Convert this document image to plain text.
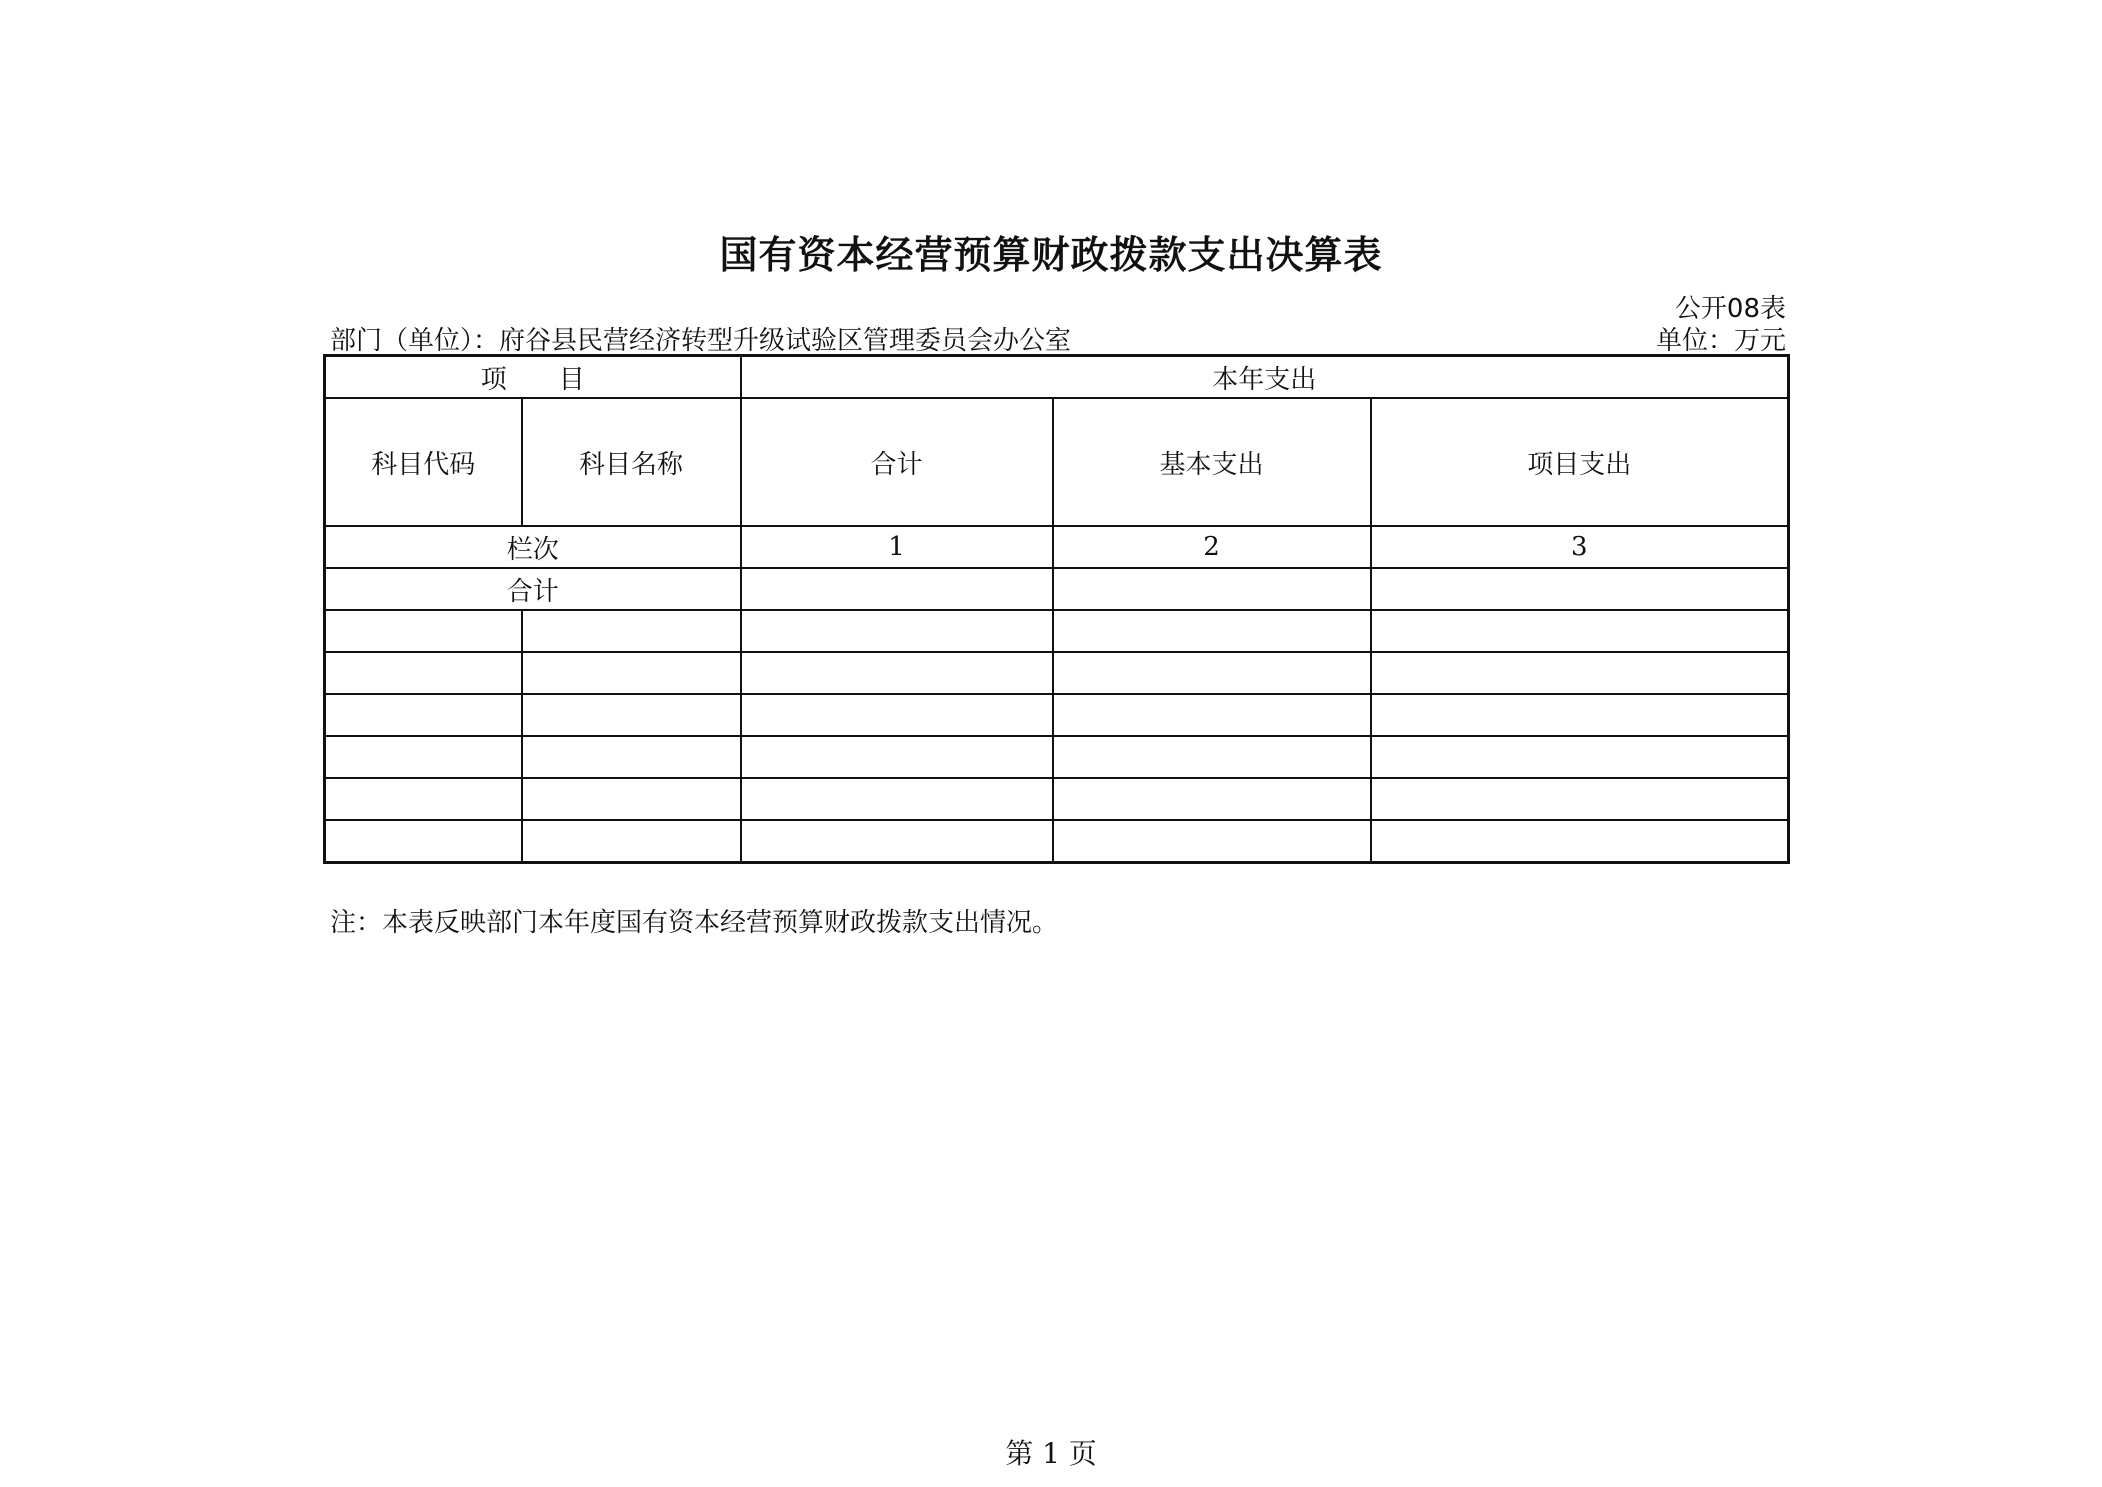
国有资本经营预算财政拨款支出决算表
公开08表
部门（单位）：府谷县民营经济转型升级试验区管理委员会办公室	单位：万元
项　　目		本年支出		
科目代码	科目名称	合计	基本支出	项目支出
栏次		1	2	3
合计				

注：本表反映部门本年度国有资本经营预算财政拨款支出情况。
第 1 页
